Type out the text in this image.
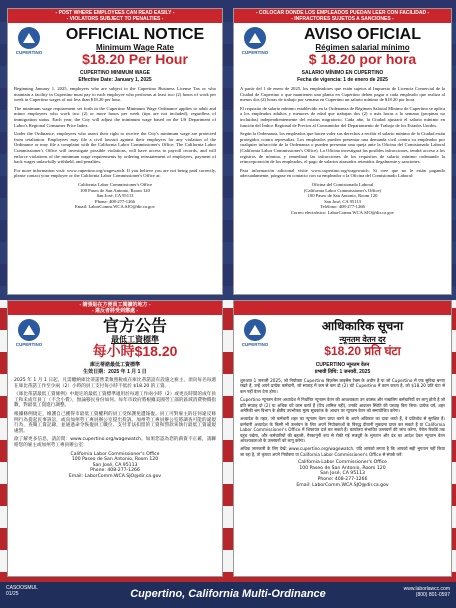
- POST WHERE EMPLOYEES CAN READ EASILY -
- VIOLATORS SUBJECT TO PENALTIES -
CUPERTINO
OFFICIAL NOTICE
Minimum Wage Rate
$18.20 Per Hour
CUPERTINO MINIMUM WAGE
Effective Date: January 1, 2025

Beginning January 1, 2025, employers who are subject to the Cupertino Business License Tax or who maintain a facility in Cupertino must pay to each employee who performs at least two (2) hours of work per week in Cupertino wages of not less than $18.20 per hour.

The minimum wage requirement set forth in the Cupertino Minimum Wage Ordinance applies to adult and minor employees who work two (2) or more hours per week (tips are not included), regardless of immigration status. Each year, the City will adjust the minimum wage based on the US Department of Labor's Regional Consumer Price Index.

Under the Ordinance, employees who assert their right to receive the City's minimum wage are protected from retaliation. Employees may file a civil lawsuit against their employers for any violation of the Ordinance or may file a complaint with the California Labor Commissioner's Office. The California Labor Commissioner's Office will investigate possible violations, will have access to payroll records, and will enforce violations of the minimum wage requirements by ordering reinstatement of employees, payment of back wages unlawfully withheld, and penalties.

For more information visit: www.cupertino.org/wagewatch. If you believe you are not being paid correctly, please contact your employer or the California Labor Commissioner's Office at:

California Labor Commissioner's Office
100 Paseo de San Antonio, Room 120
San José, CA 95113
Phone: 408-277-1266
Email: LaborComm.WCA.SJO@dir.ca.gov
- COLOCAR DONDE LOS EMPLEADOS PUEDAN LEER CON FACILIDAD -
- INFRACTORES SUJETOS A SANCIONES -
CUPERTINO
AVISO OFICIAL
Régimen salarial mínimo
$ 18.20 por hora
SALARIO MÍNIMO EN CUPERTINO
Fecha de vigencia: 1 de enero de 2025

A partir del 1 de enero de 2025, los empleadores que están sujetos al Impuesto de Licencia Comercial de la Ciudad de Cupertino o que mantienen una planta en Cupertino deben pagar a cada empleado que realiza al menos dos (2) horas de trabajo por semana en Cupertino un salario mínimo de $18.20 por hora.

El requisito de salario mínimo establecido en la Ordenanza de Régimen Salarial Mínimo de Cupertino se aplica a los empleados adultos y menores de edad que trabajan dos (2) o más horas a la semana (propinas no incluidas) independientemente del estatus migratorio. Cada año, la Ciudad ajustará el salario mínimo en función del Índice Regional de Precios al Consumidor del Departamento de Trabajo de los Estados Unidos.

Según la Ordenanza, los empleados que hacen valer sus derechos a recibir el salario mínimo de la Ciudad están protegidos contra represalias. Los empleados pueden presentar una demanda civil contra su empleador por cualquier infracción de la Ordenanza o pueden presentar una queja ante la Oficina del Comisionado Laboral (California Labor Commissioner's Office). La Oficina investigará las posibles infracciones, tendrá acceso a los registros de nómina, y remediará las infracciones de los requisitos de salario mínimo ordenando la reincorporación de los empleados, el pago de salarios atrasados retenidos ilegalmente y sanciones.

Para información adicional visite www.cupertino.org/wagewatch. Si cree que no le están pagando adecuadamente, póngase en contacto con su empleador o la Oficina del Comisionado Laboral:

Oficina del Comisionado Laboral
(California Labor Commissioner's Office)
100 Paseo de San Antonio, Room 120
San José, CA 95113
Teléfono: 408-277-1266
Correo electrónico: LaborComm.WCA.SJO@dir.ca.gov
- 請張貼在方便員工閱讀的地方 -
- 違反者將受到懲處 -
CUPERTINO
官方公告
最低工資標準
每小時$18.20
庫比蒂諾最低工資標準
生效日期：2025 年 1 月 1 日

2025 年 1 月 1 日起，凡需繳納庫比蒂諾營業執照稅或在庫比蒂諾設有設施之雇主，須向每名每週在庫比蒂諾工作至少兩（2）小時的員工支付每小時不低於 $18.20 的工資。

《庫比蒂諾最低工資條例》中規定的最低工資標準適用於每週工作兩小時（2）或更長時間的成年員工和未成年員工（不含小費），無論移民身份如何。每年市政府將根據美國勞工部的區域消費物價指數，對最低工資進行調整。

根據條例規定，維護自己獲得市最低工資權利的員工受保護免遭報復。員工可對雇主的任何違反條例行為提起民事訴訟，或向加州勞工專員辦公室提出投訴。加州勞工專員辦公室將調查可能的違規行為，查閱工資記錄，並通過命令恢復員工職位、支付非法扣留的工資和罰款來執行最低工資違規處罰。

欲了解更多信息，請訪問：www.cupertino.org/wagewatch。如果您認為您的薪資不正確，請聯絡您的雇主或加州勞工專員辦公室：

California Labor Commissioner's Office
100 Paseo de San Antonio, Room 120
San José, CA 95113
Phone: 408-277-1266
Email: LaborComm.WCA.SJO@dir.ca.gov
CUPERTINO
आधिकारिक सूचना
न्यूनतम वेतन दर
$18.20 प्रति घंटा
CUPERTINO न्यूनतम वेतन
प्रभावी तिथि: 1 जनवरी, 2025

शुरुआत 1 जनवरी 2025, जो नियोक्ता Cupertino बिज़नेस लाइसेंस टैक्स के अधीन हैं या जो Cupertino में एक सुविधा बनाए रखते हैं, उन्हें अपने प्रत्येक कर्मचारी, जो सप्ताह में कम से कम दो (2) घंटे Cupertino में काम करता है, को $18.20 प्रति घंटा से कम नहीं वेतन देना होगा।

Cupertino न्यूनतम वेतन अध्यादेश में निर्धारित न्यूनतम वेतन की आवश्यकता उन वयस्क और नाबालिग कर्मचारियों पर लागू होती है जो प्रति सप्ताह दो (2) या अधिक घंटे काम करते हैं (टिप शामिल नहीं), उनकी आव्रजन स्थिति की परवाह किए बिना। प्रत्येक वर्ष, शहर अमेरिकी श्रम विभाग के क्षेत्रीय उपभोक्ता मूल्य सूचकांक के आधार पर न्यूनतम वेतन को समायोजित करेगा।

अध्यादेश के तहत, जो कर्मचारी शहर का न्यूनतम वेतन प्राप्त करने के अपने अधिकार का दावा करते हैं, वे प्रतिशोध से सुरक्षित हैं। कर्मचारी अध्यादेश के किसी भी उल्लंघन के लिए अपने नियोक्ताओं के विरुद्ध दीवानी मुकदमा दायर कर सकते हैं या California Labor Commissioner's Office में शिकायत दर्ज कर सकते हैं। कार्यालय संभावित उल्लंघनों की जांच करेगा, पेरोल रिकॉर्ड तक पहुंच रखेगा, और कर्मचारियों की बहाली, गैरकानूनी रूप से रोकी गई मजदूरी के भुगतान और दंड का आदेश देकर न्यूनतम वेतन आवश्यकताओं के उल्लंघनों को लागू करेगा।

अधिक जानकारी के लिए देखें: www.cupertino.org/wagewatch. यदि आपको लगता है कि आपको सही भुगतान नहीं किया जा रहा है, तो कृपया अपने नियोक्ता या California Labor Commissioner's Office से संपर्क करें:

California Labor Commissioner's Office
100 Paseo de San Antonio, Room 120
San José, CA 95113
Phone: 408-277-1266
Email: LaborComm.WCA.SJO@dir.ca.gov
CASOOSMUL
01/25	Cupertino, California Multi-Ordinance	www.laborlawcc.com
(800) 801-0597
